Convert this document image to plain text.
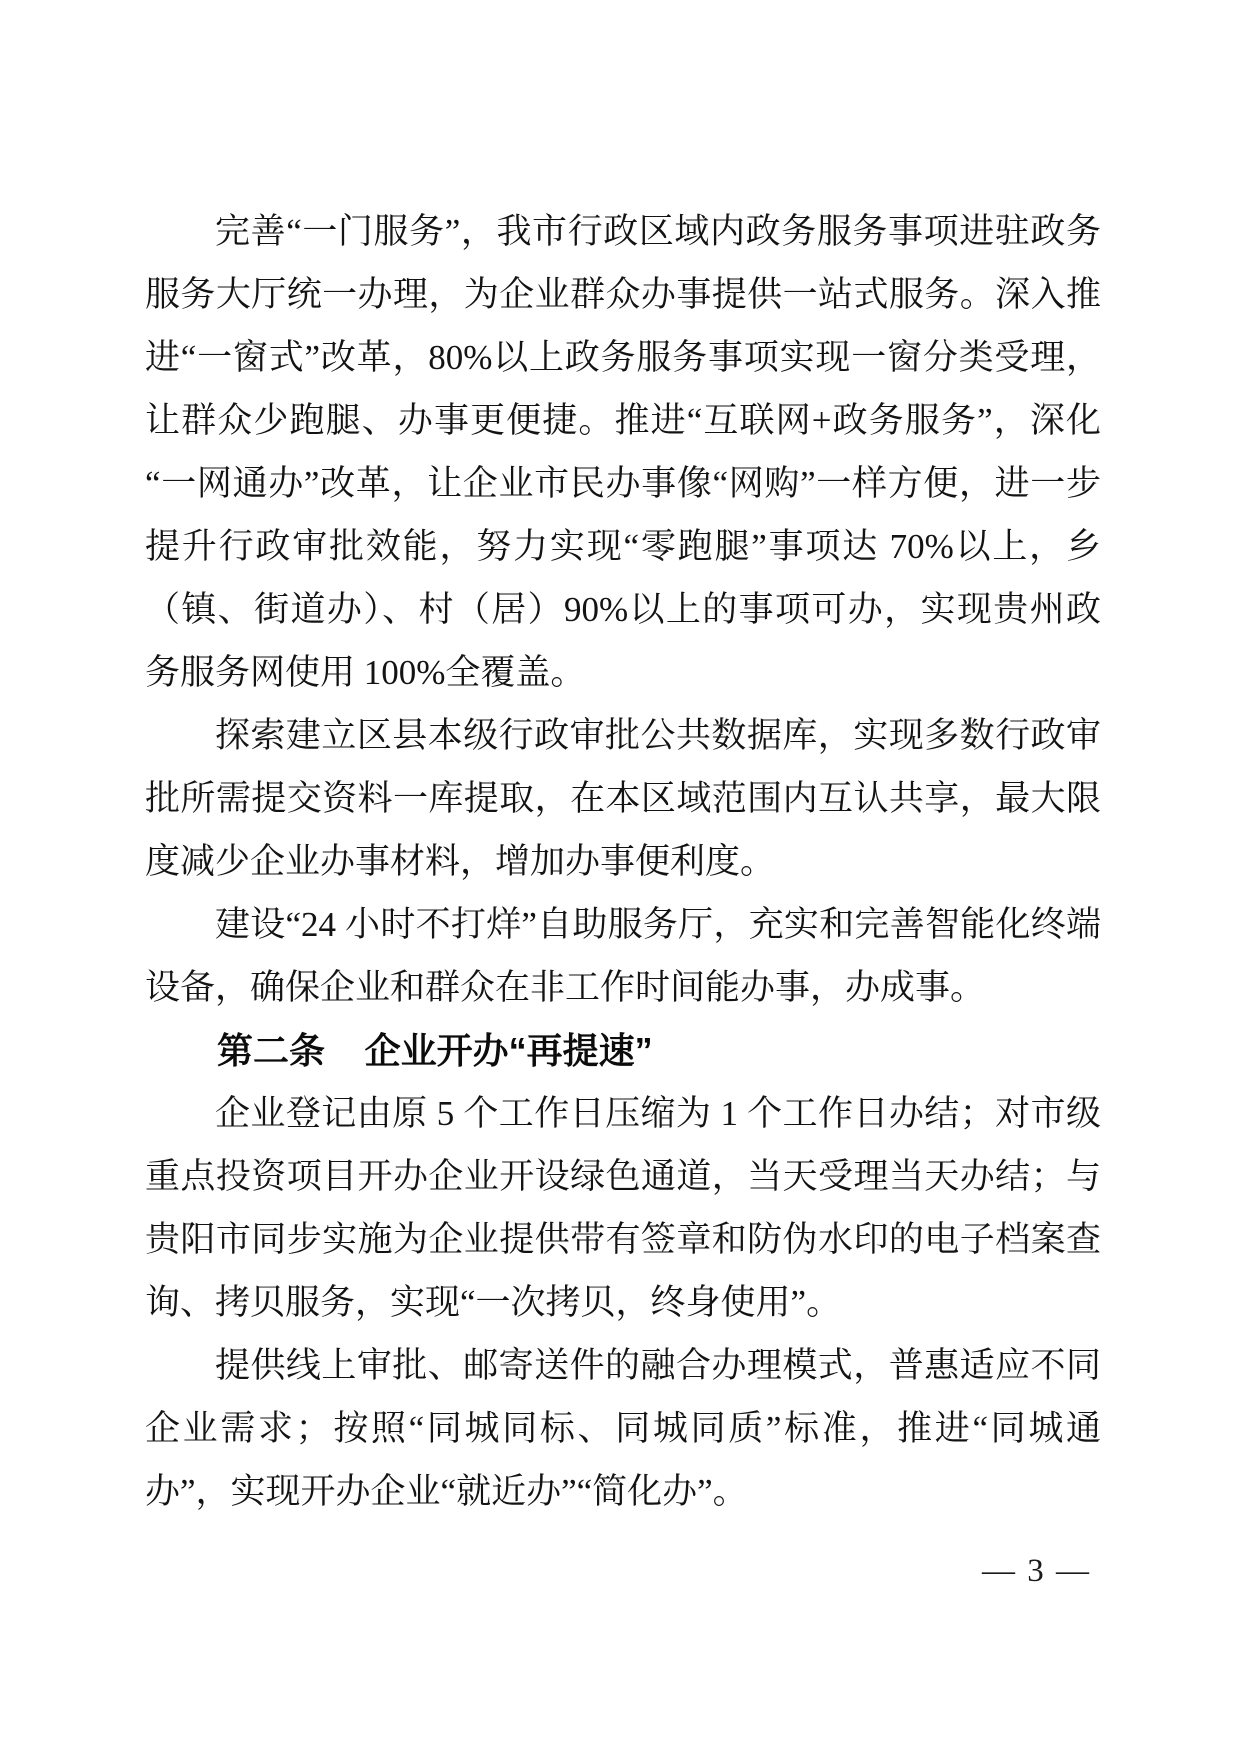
完善“一门服务”，我市行政区域内政务服务事项进驻政务服务大厅统一办理，为企业群众办事提供一站式服务。深入推进“一窗式”改革，80%以上政务服务事项实现一窗分类受理，让群众少跑腿、办事更便捷。推进“互联网+政务服务”，深化“一网通办”改革，让企业市民办事像“网购”一样方便，进一步提升行政审批效能，努力实现“零跑腿”事项达 70%以上，乡（镇、街道办）、村（居）90%以上的事项可办，实现贵州政务服务网使用 100%全覆盖。

探索建立区县本级行政审批公共数据库，实现多数行政审批所需提交资料一库提取，在本区域范围内互认共享，最大限度减少企业办事材料，增加办事便利度。

建设“24 小时不打烊”自助服务厅，充实和完善智能化终端设备，确保企业和群众在非工作时间能办事，办成事。

第二条 企业开办“再提速”

企业登记由原 5 个工作日压缩为 1 个工作日办结；对市级重点投资项目开办企业开设绿色通道，当天受理当天办结；与贵阳市同步实施为企业提供带有签章和防伪水印的电子档案查询、拷贝服务，实现“一次拷贝，终身使用”。

提供线上审批、邮寄送件的融合办理模式，普惠适应不同企业需求；按照“同城同标、同城同质”标准，推进“同城通办”，实现开办企业“就近办”“简化办”。

— 3 —
